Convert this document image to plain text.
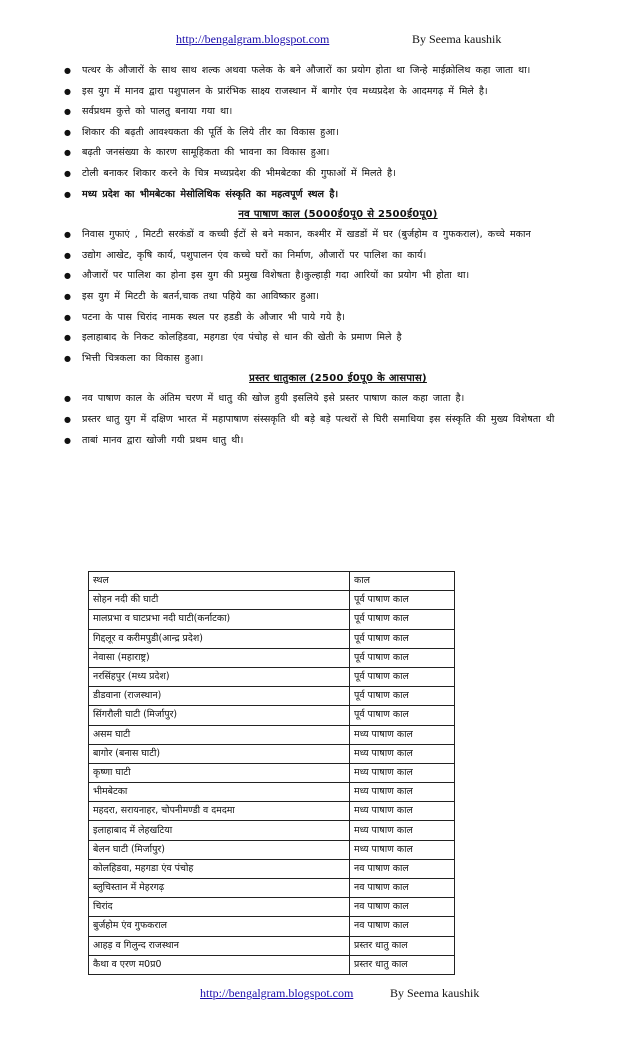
http://bengalgram.blogspot.com	By Seema kaushik
● पत्थर के औजारों के साथ साथ शल्क अथवा फलेक के बने औजारों का प्रयोग होता था जिन्हे माईक्रोलिथ कहा जाता था।
● इस युग में मानव द्वारा पशुपालन के प्रारंभिक साक्ष्य राजस्थान में बागोर एंव मध्यप्रदेश के आदमगढ़ में मिले है।
● सर्वप्रथम कुत्ते को पालतु बनाया गया था।
● शिकार की बढ़ती आवश्यकता की पूर्ति के लिये तीर का विकास हुआ।
● बढ़ती जनसंख्या के कारण सामूहिकता की भावना का विकास हुआ।
● टोली बनाकर शिकार करने के चित्र मध्यप्रदेश की भीमबेटका की गुफाओं में मिलते है।
● मध्य प्रदेश का भीमबेटका मेसोलिथिक संस्कृति का महत्वपूर्ण स्थल है।
नव पाषाण काल (5000ई0पू0 से 2500ई0पू0)
● निवास गुफाएं , मिटटी सरकंडों व कच्ची ईटों से बने मकान, कश्मीर में खडडों में घर (बुर्जहोम व गुफकराल), कच्चे मकान
● उद्योग आखेट, कृषि कार्य, पशुपालन एंव कच्चे घरों का निर्माण, औजारों पर पालिश का कार्य।
● औजारों पर पालिश का होना इस युग की प्रमुख विशेषता है।कुल्हाड़ी गदा आरियों का प्रयोग भी होता था।
● इस युग में मिटटी के बतर्न,चाक तथा पहिये का आविष्कार हुआ।
● पटना के पास चिरांद नामक स्थल पर हडडी के औजार भी पाये गये है।
● इलाहाबाद के निकट कोलहिडवा, महगडा एंव पंचोह से धान की खेती के प्रमाण मिले है
● भित्ती चित्रकला का विकास हुआ।
प्रस्तर धातुकाल (2500 ई0पू0 के आसपास)
● नव पाषाण काल के अंतिम चरण में धातु की खोज हुयी इसलिये इसे प्रस्तर पाषाण काल कहा जाता है।
● प्रस्तर धातु युग में दक्षिण भारत में महापाषाण संस्सकृति थी बड़े बड़े पत्थरों से घिरी समाधिया इस संस्कृति की मुख्य विशेषता थी
● ताबां मानव द्वारा खोजी गयी प्रथम धातु थी।
स्थल	काल
सोहन नदी की घाटी	पूर्व पाषाण काल
मालप्रभा व घाटप्रभा नदी घाटी(कर्नाटका)	पूर्व पाषाण काल
गिद्दलूर व करीमपुडी(आन्द्र प्रदेश)	पूर्व पाषाण काल
नेवासा (महाराष्ट्र)	पूर्व पाषाण काल
नरसिंहपुर (मध्य प्रदेश)	पूर्व पाषाण काल
डीडवाना (राजस्थान)	पूर्व पाषाण काल
सिंगरौली घाटी (मिर्जापुर)	पूर्व पाषाण काल
असम घाटी	मध्य पाषाण काल
बागोर (बनास घाटी)	मध्य पाषाण काल
कृष्णा घाटी	मध्य पाषाण काल
भीमबेटका	मध्य पाषाण काल
महदरा, सरायनाहर, चोपनीमण्डी व दमदमा	मध्य पाषाण काल
इलाहाबाद में लेहखटिया	मध्य पाषाण काल
बेलन घाटी (मिर्जापुर)	मध्य पाषाण काल
कोलहिडवा, महगडा एंव पंचोह	नव पाषाण काल
ब्लुचिस्तान में मेहरगढ़	नव पाषाण काल
चिरांद	नव पाषाण काल
बुर्जहोम एंव गुफकराल	नव पाषाण काल
आहड़ व गिलुन्द राजस्थान	प्रस्तर धातु काल
कैथा व एरण म0प्र0	प्रस्तर धातु काल
http://bengalgram.blogspot.com	By Seema kaushik
